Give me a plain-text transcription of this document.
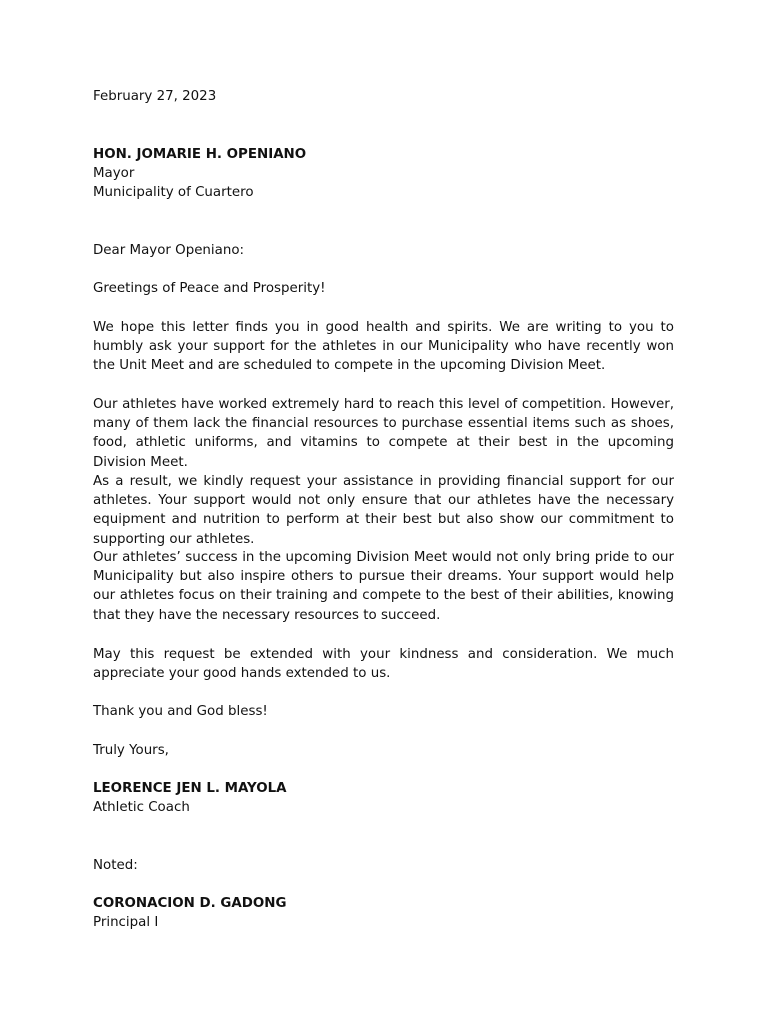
February 27, 2023

HON. JOMARIE H. OPENIANO
Mayor
Municipality of Cuartero

Dear Mayor Openiano:

Greetings of Peace and Prosperity!

We hope this letter finds you in good health and spirits. We are writing to you to humbly ask your support for the athletes in our Municipality who have recently won the Unit Meet and are scheduled to compete in the upcoming Division Meet.

Our athletes have worked extremely hard to reach this level of competition. However, many of them lack the financial resources to purchase essential items such as shoes, food, athletic uniforms, and vitamins to compete at their best in the upcoming Division Meet.

As a result, we kindly request your assistance in providing financial support for our athletes. Your support would not only ensure that our athletes have the necessary equipment and nutrition to perform at their best but also show our commitment to supporting our athletes.

Our athletes’ success in the upcoming Division Meet would not only bring pride to our Municipality but also inspire others to pursue their dreams. Your support would help our athletes focus on their training and compete to the best of their abilities, knowing that they have the necessary resources to succeed.

May this request be extended with your kindness and consideration. We much appreciate your good hands extended to us.

Thank you and God bless!

Truly Yours,

LEORENCE JEN L. MAYOLA
Athletic Coach

Noted:

CORONACION D. GADONG
Principal I
